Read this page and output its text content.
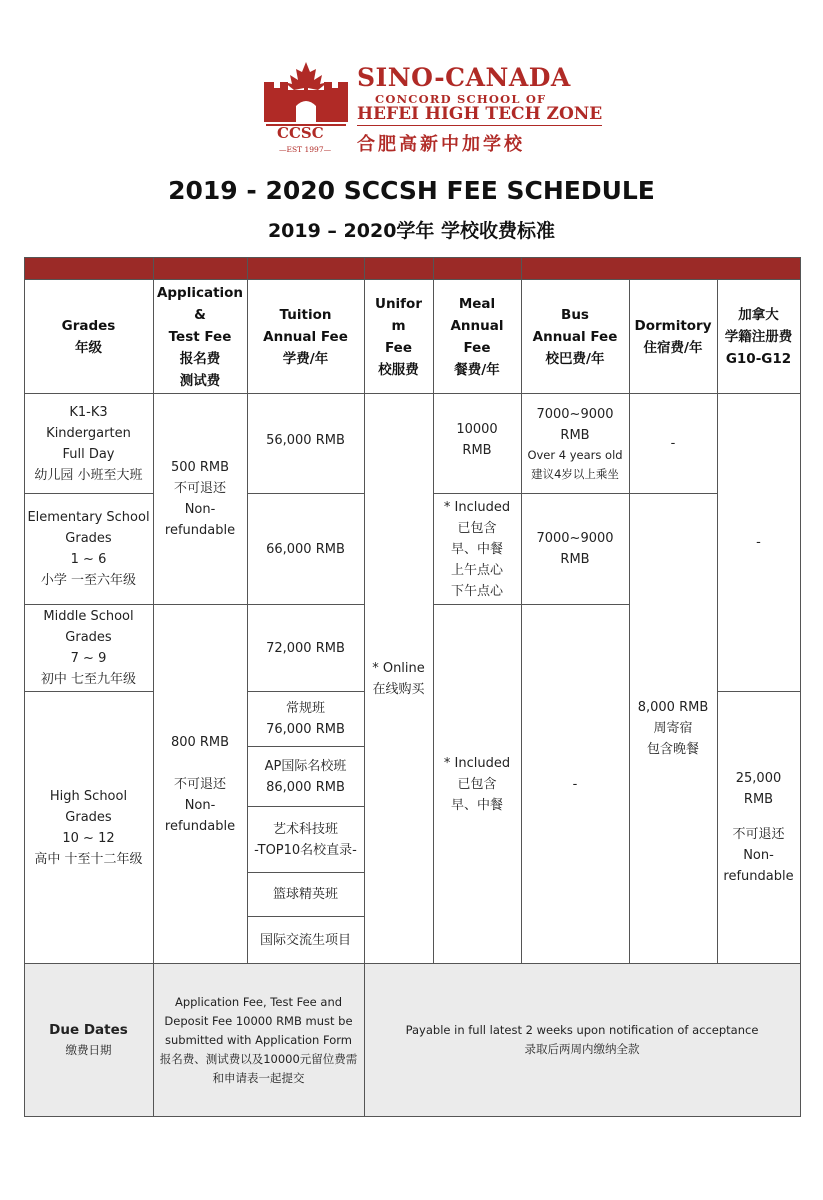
CCSC
—EST 1997—
SINO-CANADA
CONCORD SCHOOL OF
HEFEI HIGH TECH ZONE
合肥高新中加学校
2019 - 2020 SCCSH FEE SCHEDULE
2019 – 2020学年 学校收费标准
Grades
年级
Application
&
Test Fee
报名费
测试费
Tuition
Annual Fee
学费/年
Unifor
m
Fee
校服费
Meal
Annual
Fee
餐费/年
Bus
Annual Fee
校巴费/年
Dormitory
住宿费/年
加拿大
学籍注册费
G10-G12
K1-K3
Kindergarten
Full Day
幼儿园 小班至大班
Elementary School
Grades
1 ~ 6
小学 一至六年级
Middle School
Grades
7 ~ 9
初中 七至九年级
High School
Grades
10 ~ 12
高中 十至十二年级
500 RMB
不可退还
Non-
refundable
800 RMB
不可退还
Non-
refundable
56,000 RMB
66,000 RMB
72,000 RMB
常规班
76,000 RMB
AP国际名校班
86,000 RMB
艺术科技班
-TOP10名校直录-
篮球精英班
国际交流生项目
* Online
在线购买
10000
RMB
* Included
已包含
早、中餐
上午点心
下午点心
* Included
已包含
早、中餐
7000~9000
RMB
Over 4 years old
建议4岁以上乘坐
7000~9000
RMB
-
-
8,000 RMB
周寄宿
包含晚餐
-
25,000
RMB
不可退还
Non-
refundable
Due Dates
缴费日期
Application Fee, Test Fee and
Deposit Fee 10000 RMB must be
submitted with Application Form
报名费、测试费以及10000元留位费需
和申请表一起提交
Payable in full latest 2 weeks upon notification of acceptance
录取后两周内缴纳全款
